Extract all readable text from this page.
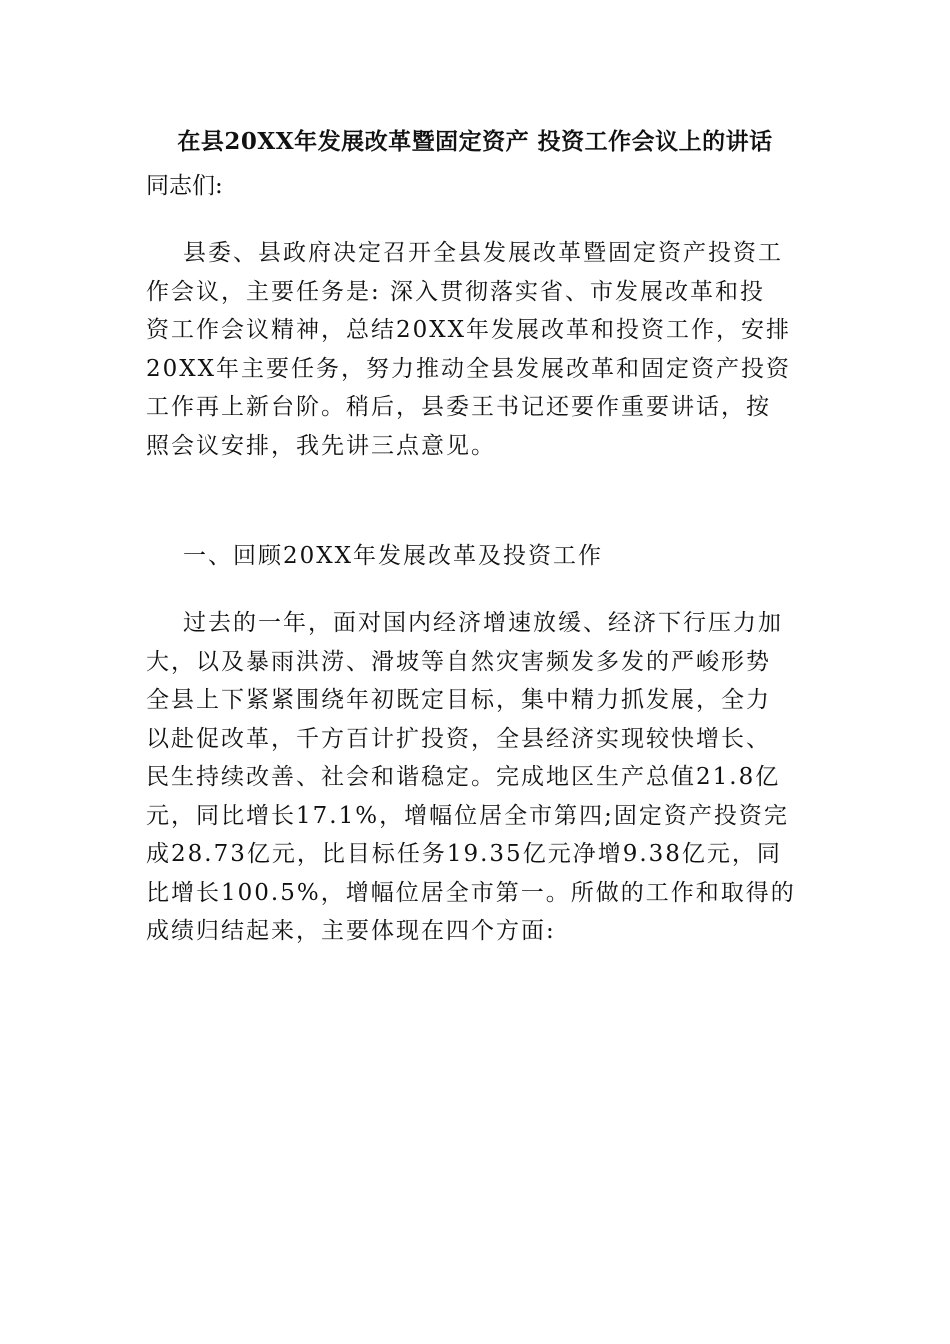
在县20XX年发展改革暨固定资产 投资工作会议上的讲话
同志们:
县委、县政府决定召开全县发展改革暨固定资产投资工
作会议，主要任务是: 深入贯彻落实省、市发展改革和投
资工作会议精神，总结20XX年发展改革和投资工作，安排
20XX年主要任务，努力推动全县发展改革和固定资产投资
工作再上新台阶。稍后，县委王书记还要作重要讲话，按
照会议安排，我先讲三点意见。
一、回顾20XX年发展改革及投资工作
过去的一年，面对国内经济增速放缓、经济下行压力加
大，以及暴雨洪涝、滑坡等自然灾害频发多发的严峻形势
全县上下紧紧围绕年初既定目标，集中精力抓发展，全力
以赴促改革，千方百计扩投资，全县经济实现较快增长、
民生持续改善、社会和谐稳定。完成地区生产总值21.8亿
元，同比增长17.1%，增幅位居全市第四;固定资产投资完
成28.73亿元，比目标任务19.35亿元净增9.38亿元，同
比增长100.5%，增幅位居全市第一。所做的工作和取得的
成绩归结起来，主要体现在四个方面:
